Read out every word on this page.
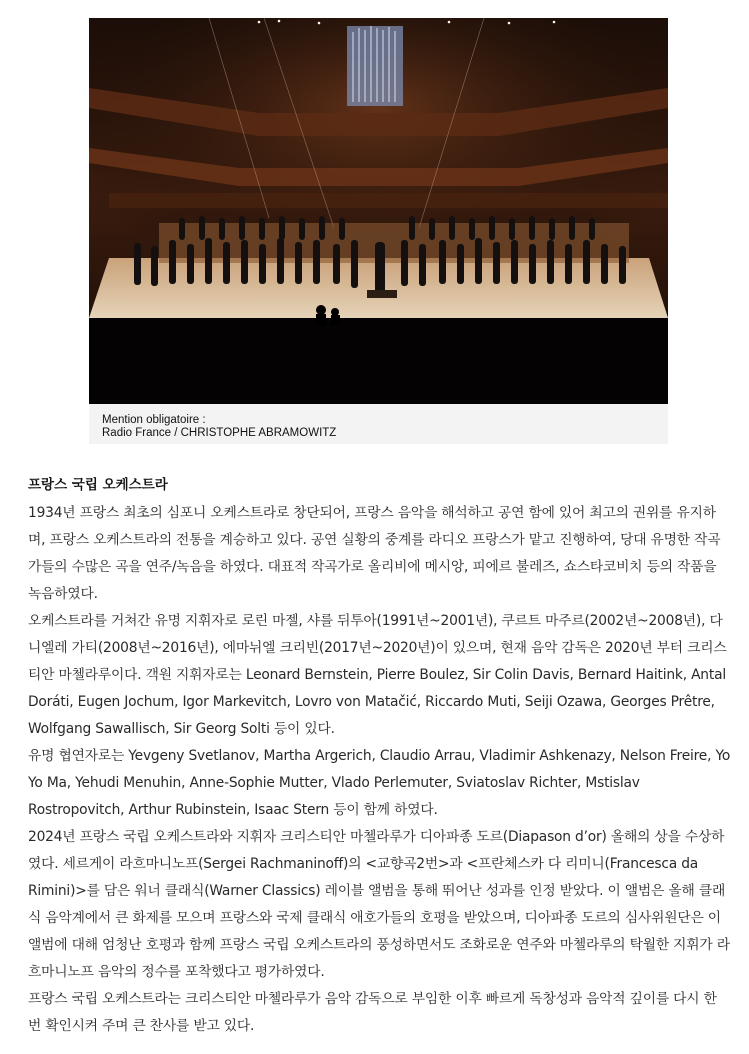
Mention obligatoire :

Radio France / CHRISTOPHE ABRAMOWITZ

프랑스 국립 오케스트라

1934년 프랑스 최초의 심포니 오케스트라로 창단되어, 프랑스 음악을 해석하고 공연 함에 있어 최고의 권위를 유지하며, 프랑스 오케스트라의 전통을 계승하고 있다. 공연 실황의 중계를 라디오 프랑스가 맡고 진행하여, 당대 유명한 작곡가들의 수많은 곡을 연주/녹음을 하였다. 대표적 작곡가로 올리비에 메시앙, 피에르 불레즈, 쇼스타코비치 등의 작품을 녹음하였다.

오케스트라를 거쳐간 유명 지휘자로 로린 마젤, 샤를 뒤투아(1991년~2001년), 쿠르트 마주르(2002년~2008년), 다니엘레 가티(2008년~2016년), 에마뉘엘 크리빈(2017년~2020년)이 있으며, 현재 음악 감독은 2020년 부터 크리스티안 마첼라루이다. 객원 지휘자로는 Leonard Bernstein, Pierre Boulez, Sir Colin Davis, Bernard Haitink, Antal Doráti, Eugen Jochum, Igor Markevitch, Lovro von Matačić, Riccardo Muti, Seiji Ozawa, Georges Prêtre, Wolfgang Sawallisch, Sir Georg Solti 등이 있다.

유명 협연자로는 Yevgeny Svetlanov, Martha Argerich, Claudio Arrau, Vladimir Ashkenazy, Nelson Freire, Yo Yo Ma, Yehudi Menuhin, Anne-Sophie Mutter, Vlado Perlemuter, Sviatoslav Richter, Mstislav Rostropovitch, Arthur Rubinstein, Isaac Stern 등이 함께 하였다.

2024년 프랑스 국립 오케스트라와 지휘자 크리스티안 마첼라루가 디아파종 도르(Diapason d’or) 올해의 상을 수상하였다. 세르게이 라흐마니노프(Sergei Rachmaninoff)의 <교향곡2번>과 <프란체스카 다 리미니(Francesca da Rimini)>를 담은 워너 클래식(Warner Classics) 레이블 앨범을 통해 뛰어난 성과를 인정 받았다. 이 앨범은 올해 클래식 음악계에서 큰 화제를 모으며 프랑스와 국제 클래식 애호가들의 호평을 받았으며, 디아파종 도르의 심사위원단은 이 앨범에 대해 엄청난 호평과 함께 프랑스 국립 오케스트라의 풍성하면서도 조화로운 연주와 마첼라루의 탁월한 지휘가 라흐마니노프 음악의 정수를 포착했다고 평가하였다.

프랑스 국립 오케스트라는 크리스티안 마첼라루가 음악 감독으로 부임한 이후 빠르게 독창성과 음악적 깊이를 다시 한 번 확인시켜 주며 큰 찬사를 받고 있다.
